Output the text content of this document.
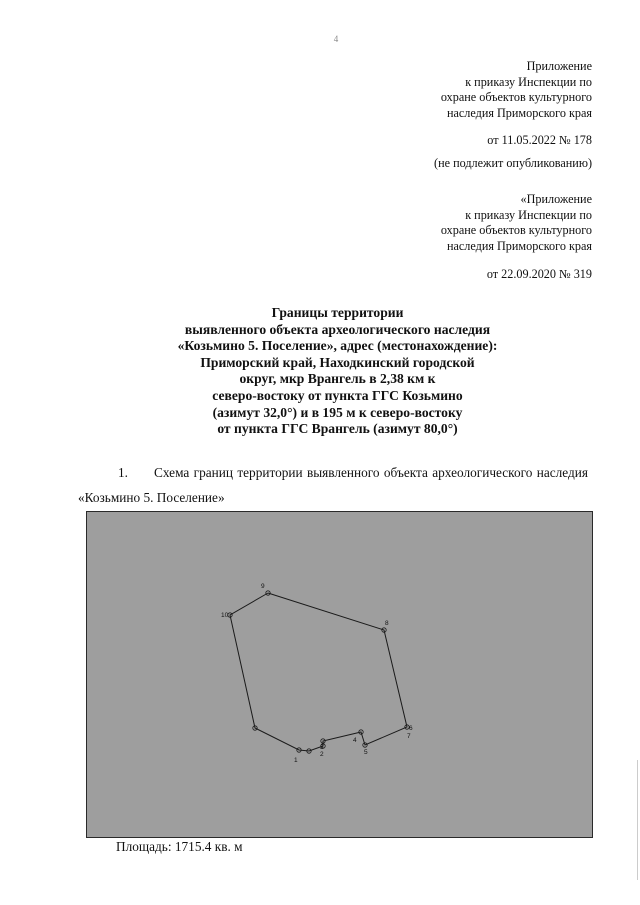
4

Приложение

к приказу Инспекции по

охране объектов культурного

наследия Приморского края

от 11.05.2022 № 178
(не подлежит опубликованию)

«Приложение

к приказу Инспекции по

охране объектов культурного

наследия Приморского края

от 22.09.2020 № 319
Границы территории
выявленного объекта археологического наследия
«Козьмино 5. Поселение», адрес (местонахождение):
Приморский край, Находкинский городской
округ, мкр Врангель в 2,38 км к
северо-востоку от пункта ГГС Козьмино
(азимут 32,0°) и в 195 м к северо-востоку
от пункта ГГС Врангель (азимут 80,0°)
1. Схема границ территории выявленного объекта археологического наследия «Козьмино 5. Поселение»
9
8
10
6
7
1
2
3
4
5
Площадь: 1715.4 кв. м
